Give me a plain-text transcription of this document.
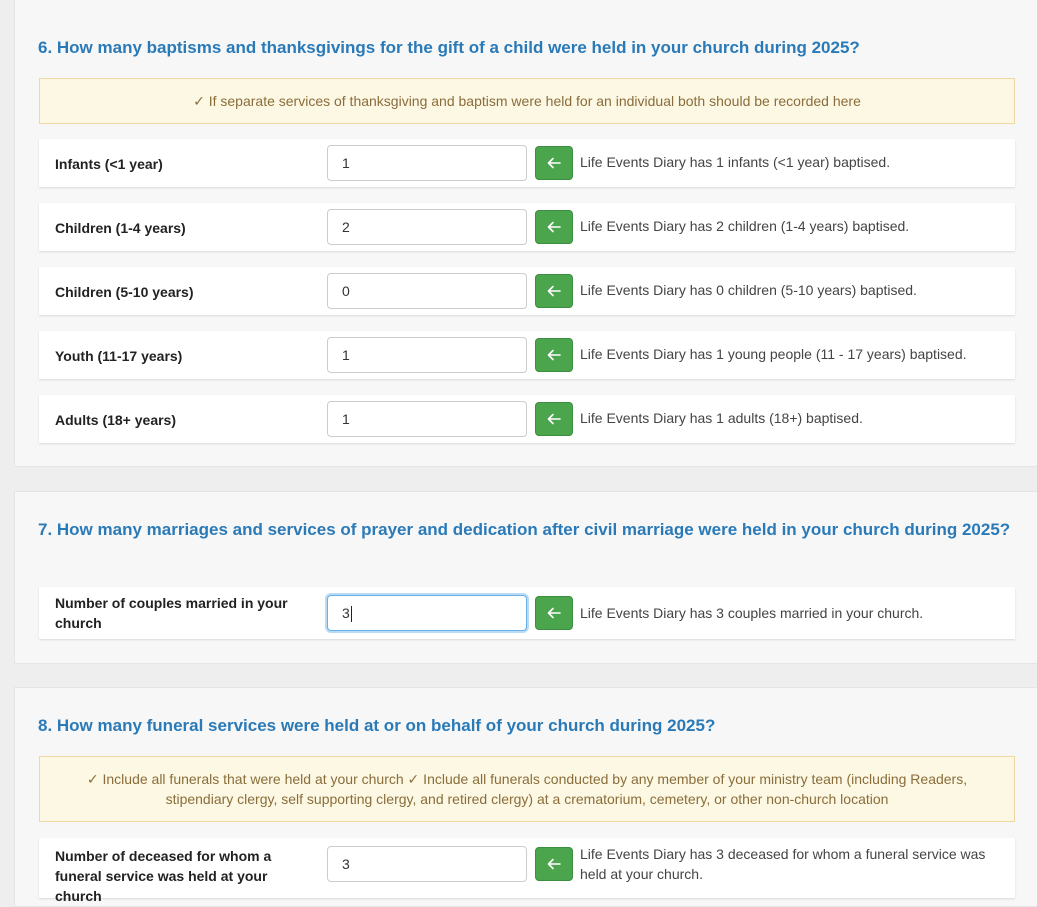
6. How many baptisms and thanksgivings for the gift of a child were held in your church during 2025?
✓ If separate services of thanksgiving and baptism were held for an individual both should be recorded here
Infants (<1 year)
1	Life Events Diary has 1 infants (<1 year) baptised.
Children (1-4 years)
2	Life Events Diary has 2 children (1-4 years) baptised.
Children (5-10 years)
0	Life Events Diary has 0 children (5-10 years) baptised.
Youth (11-17 years)
1	Life Events Diary has 1 young people (11 - 17 years) baptised.
Adults (18+ years)
1	Life Events Diary has 1 adults (18+) baptised.
7. How many marriages and services of prayer and dedication after civil marriage were held in your church during 2025?
Number of couples married in your church
3	Life Events Diary has 3 couples married in your church.
8. How many funeral services were held at or on behalf of your church during 2025?
✓ Include all funerals that were held at your church ✓ Include all funerals conducted by any member of your ministry team (including Readers, stipendiary clergy, self supporting clergy, and retired clergy) at a crematorium, cemetery, or other non-church location
Number of deceased for whom a funeral service was held at your church
3
Life Events Diary has 3 deceased for whom a funeral service was held at your church.
